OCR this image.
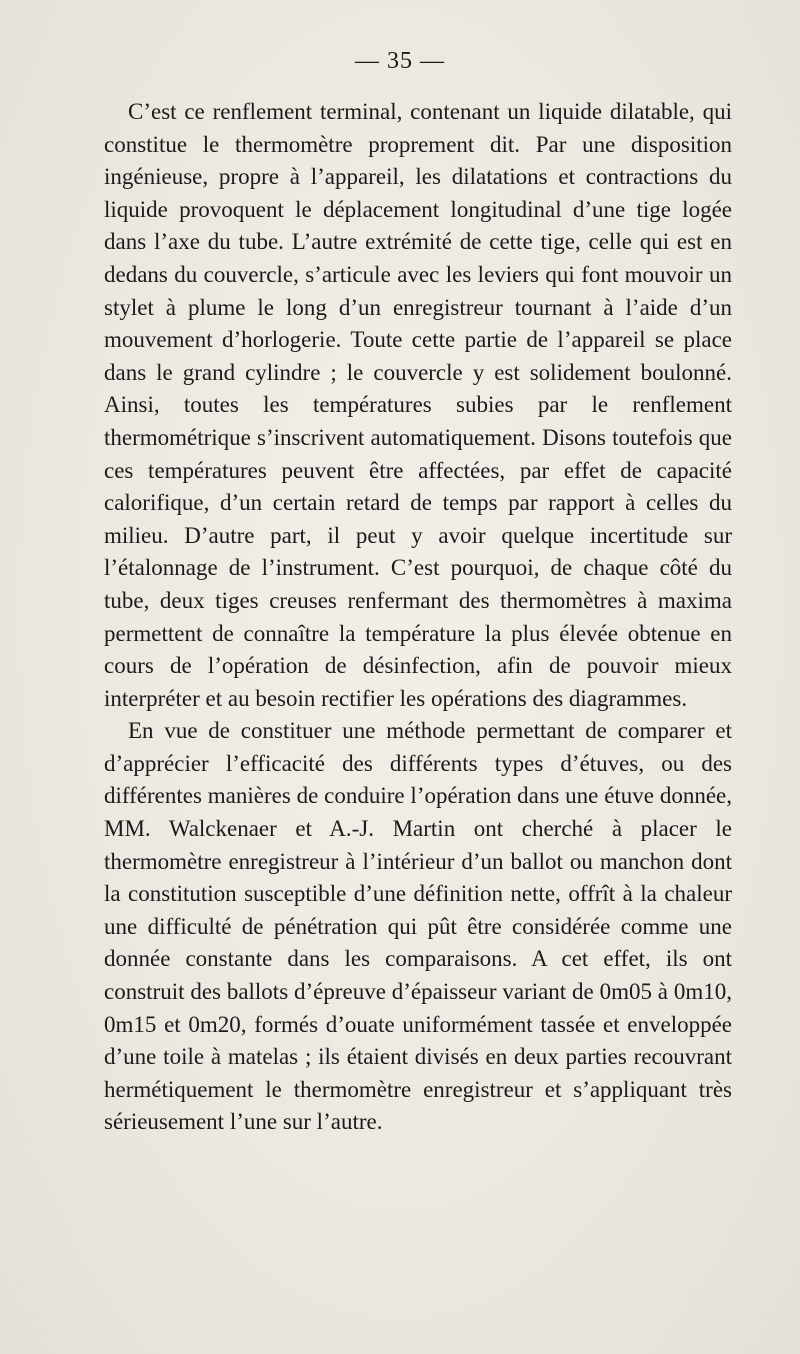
— 35 —

C’est ce renflement terminal, contenant un liquide dilatable, qui constitue le thermomètre proprement dit. Par une disposition ingénieuse, propre à l’appareil, les dilatations et contractions du liquide provoquent le déplacement longitudinal d’une tige logée dans l’axe du tube. L’autre extrémité de cette tige, celle qui est en dedans du couvercle, s’articule avec les leviers qui font mouvoir un stylet à plume le long d’un enregistreur tournant à l’aide d’un mouvement d’horlogerie. Toute cette partie de l’appareil se place dans le grand cylindre ; le couvercle y est solidement boulonné. Ainsi, toutes les températures subies par le renflement thermométrique s’inscrivent automatiquement. Disons toutefois que ces températures peuvent être affectées, par effet de capacité calorifique, d’un certain retard de temps par rapport à celles du milieu. D’autre part, il peut y avoir quelque incertitude sur l’étalonnage de l’instrument. C’est pourquoi, de chaque côté du tube, deux tiges creuses renfermant des thermomètres à maxima permettent de connaître la température la plus élevée obtenue en cours de l’opération de désinfection, afin de pouvoir mieux interpréter et au besoin rectifier les opérations des diagrammes.

En vue de constituer une méthode permettant de comparer et d’apprécier l’efficacité des différents types d’étuves, ou des différentes manières de conduire l’opération dans une étuve donnée, MM. Walckenaer et A.-J. Martin ont cherché à placer le thermomètre enregistreur à l’intérieur d’un ballot ou manchon dont la constitution susceptible d’une définition nette, offrît à la chaleur une difficulté de pénétration qui pût être considérée comme une donnée constante dans les comparaisons. A cet effet, ils ont construit des ballots d’épreuve d’épaisseur variant de 0m05 à 0m10, 0m15 et 0m20, formés d’ouate uniformément tassée et enveloppée d’une toile à matelas ; ils étaient divisés en deux parties recouvrant hermétiquement le thermomètre enregistreur et s’appliquant très sérieusement l’une sur l’autre.
